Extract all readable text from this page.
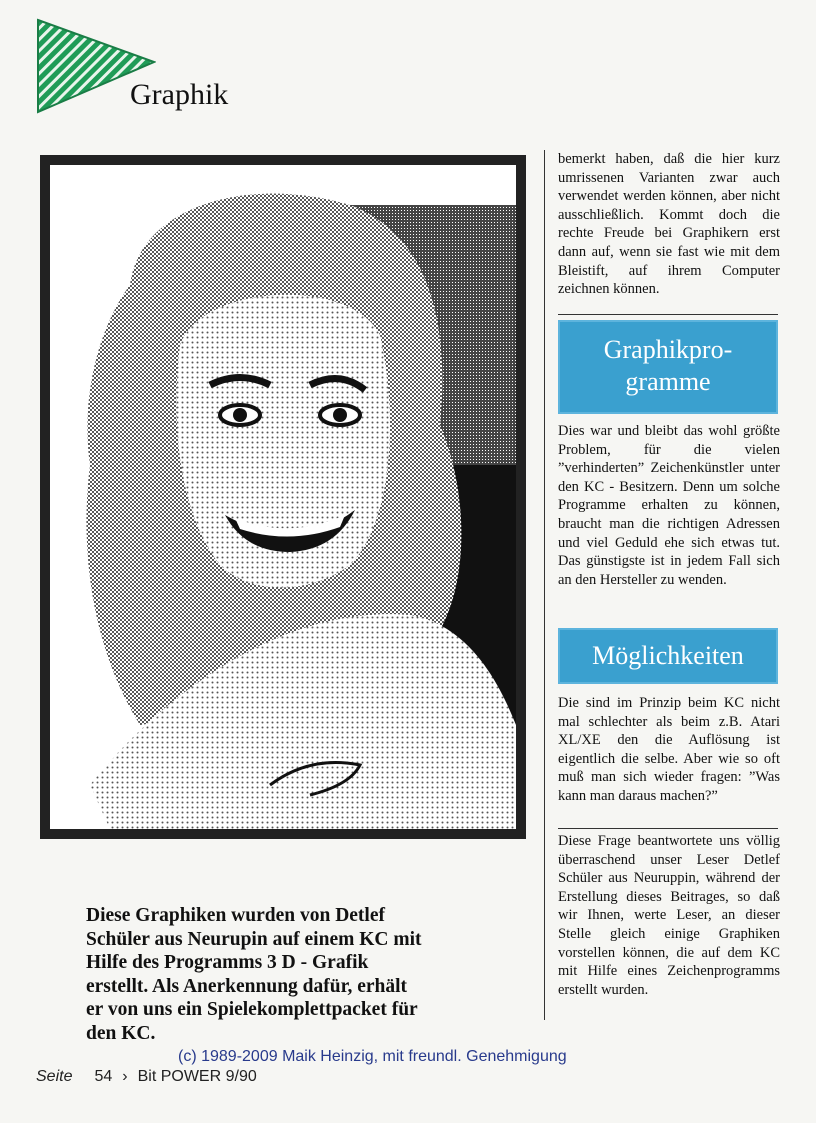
Graphik

bemerkt haben, daß die hier kurz umrissenen Varianten zwar auch verwendet werden können, aber nicht ausschließlich. Kommt doch die rechte Freude bei Graphikern erst dann auf, wenn sie fast wie mit dem Bleistift, auf ihrem Computer zeichnen können.

Graphikpro-
gramme

Dies war und bleibt das wohl größte Problem, für die vielen ”verhinderten” Zeichenkünstler unter den KC - Besitzern. Denn um solche Programme erhalten zu können, braucht man die richtigen Adressen und viel Geduld ehe sich etwas tut. Das günstigste ist in jedem Fall sich an den Hersteller zu wenden.

Möglichkeiten

Die sind im Prinzip beim KC nicht mal schlechter als beim z.B. Atari XL/XE den die Auflösung ist eigentlich die selbe. Aber wie so oft muß man sich wieder fragen: ”Was kann man daraus machen?”

Diese Frage beantwortete uns völlig überraschend unser Leser Detlef Schüler aus Neuruppin, während der Erstellung dieses Beitrages, so daß wir Ihnen, werte Leser, an dieser Stelle gleich einige Graphiken vorstellen können, die auf dem KC mit Hilfe eines Zeichenprogramms erstellt wurden.

Diese Graphiken wurden von Detlef
Schüler aus Neurupin auf einem KC mit
Hilfe des Programms 3 D - Grafik
erstellt. Als Anerkennung dafür, erhält
er von uns ein Spielekomplettpacket für
den KC.
(c) 1989-2009 Maik Heinzig, mit freundl. Genehmigung
Seite 54 › Bit POWER 9/90
